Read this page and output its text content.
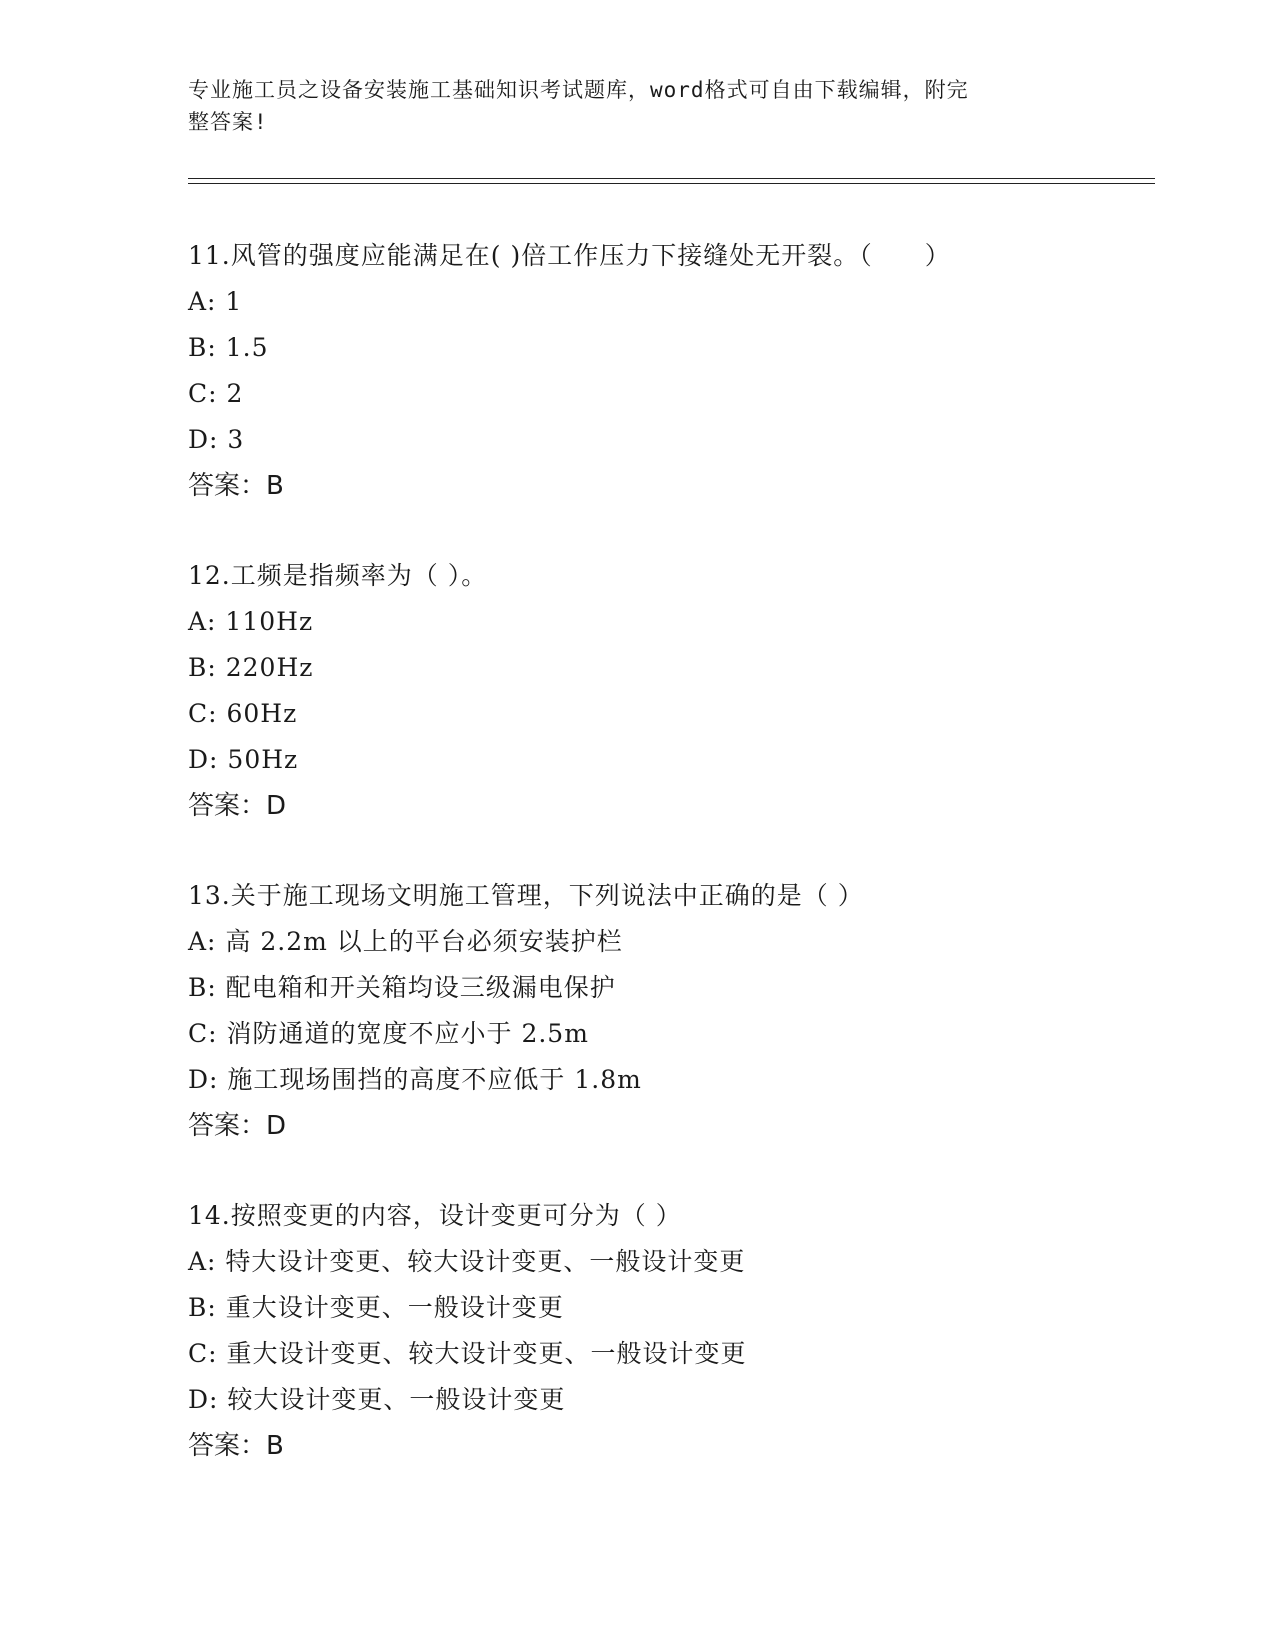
专业施工员之设备安装施工基础知识考试题库，word格式可自由下载编辑，附完
整答案!
11.风管的强度应能满足在( )倍工作压力下接缝处无开裂。（　　）
A: 1
B: 1.5
C: 2
D: 3
答案：B
12.工频是指频率为（ ）。
A: 110Hz
B: 220Hz
C: 60Hz
D: 50Hz
答案：D
13.关于施工现场文明施工管理，下列说法中正确的是（ ）
A: 高 2.2m 以上的平台必须安装护栏
B: 配电箱和开关箱均设三级漏电保护
C: 消防通道的宽度不应小于 2.5m
D: 施工现场围挡的高度不应低于 1.8m
答案：D
14.按照变更的内容，设计变更可分为（ ）
A: 特大设计变更、较大设计变更、一般设计变更
B: 重大设计变更、一般设计变更
C: 重大设计变更、较大设计变更、一般设计变更
D: 较大设计变更、一般设计变更
答案：B
